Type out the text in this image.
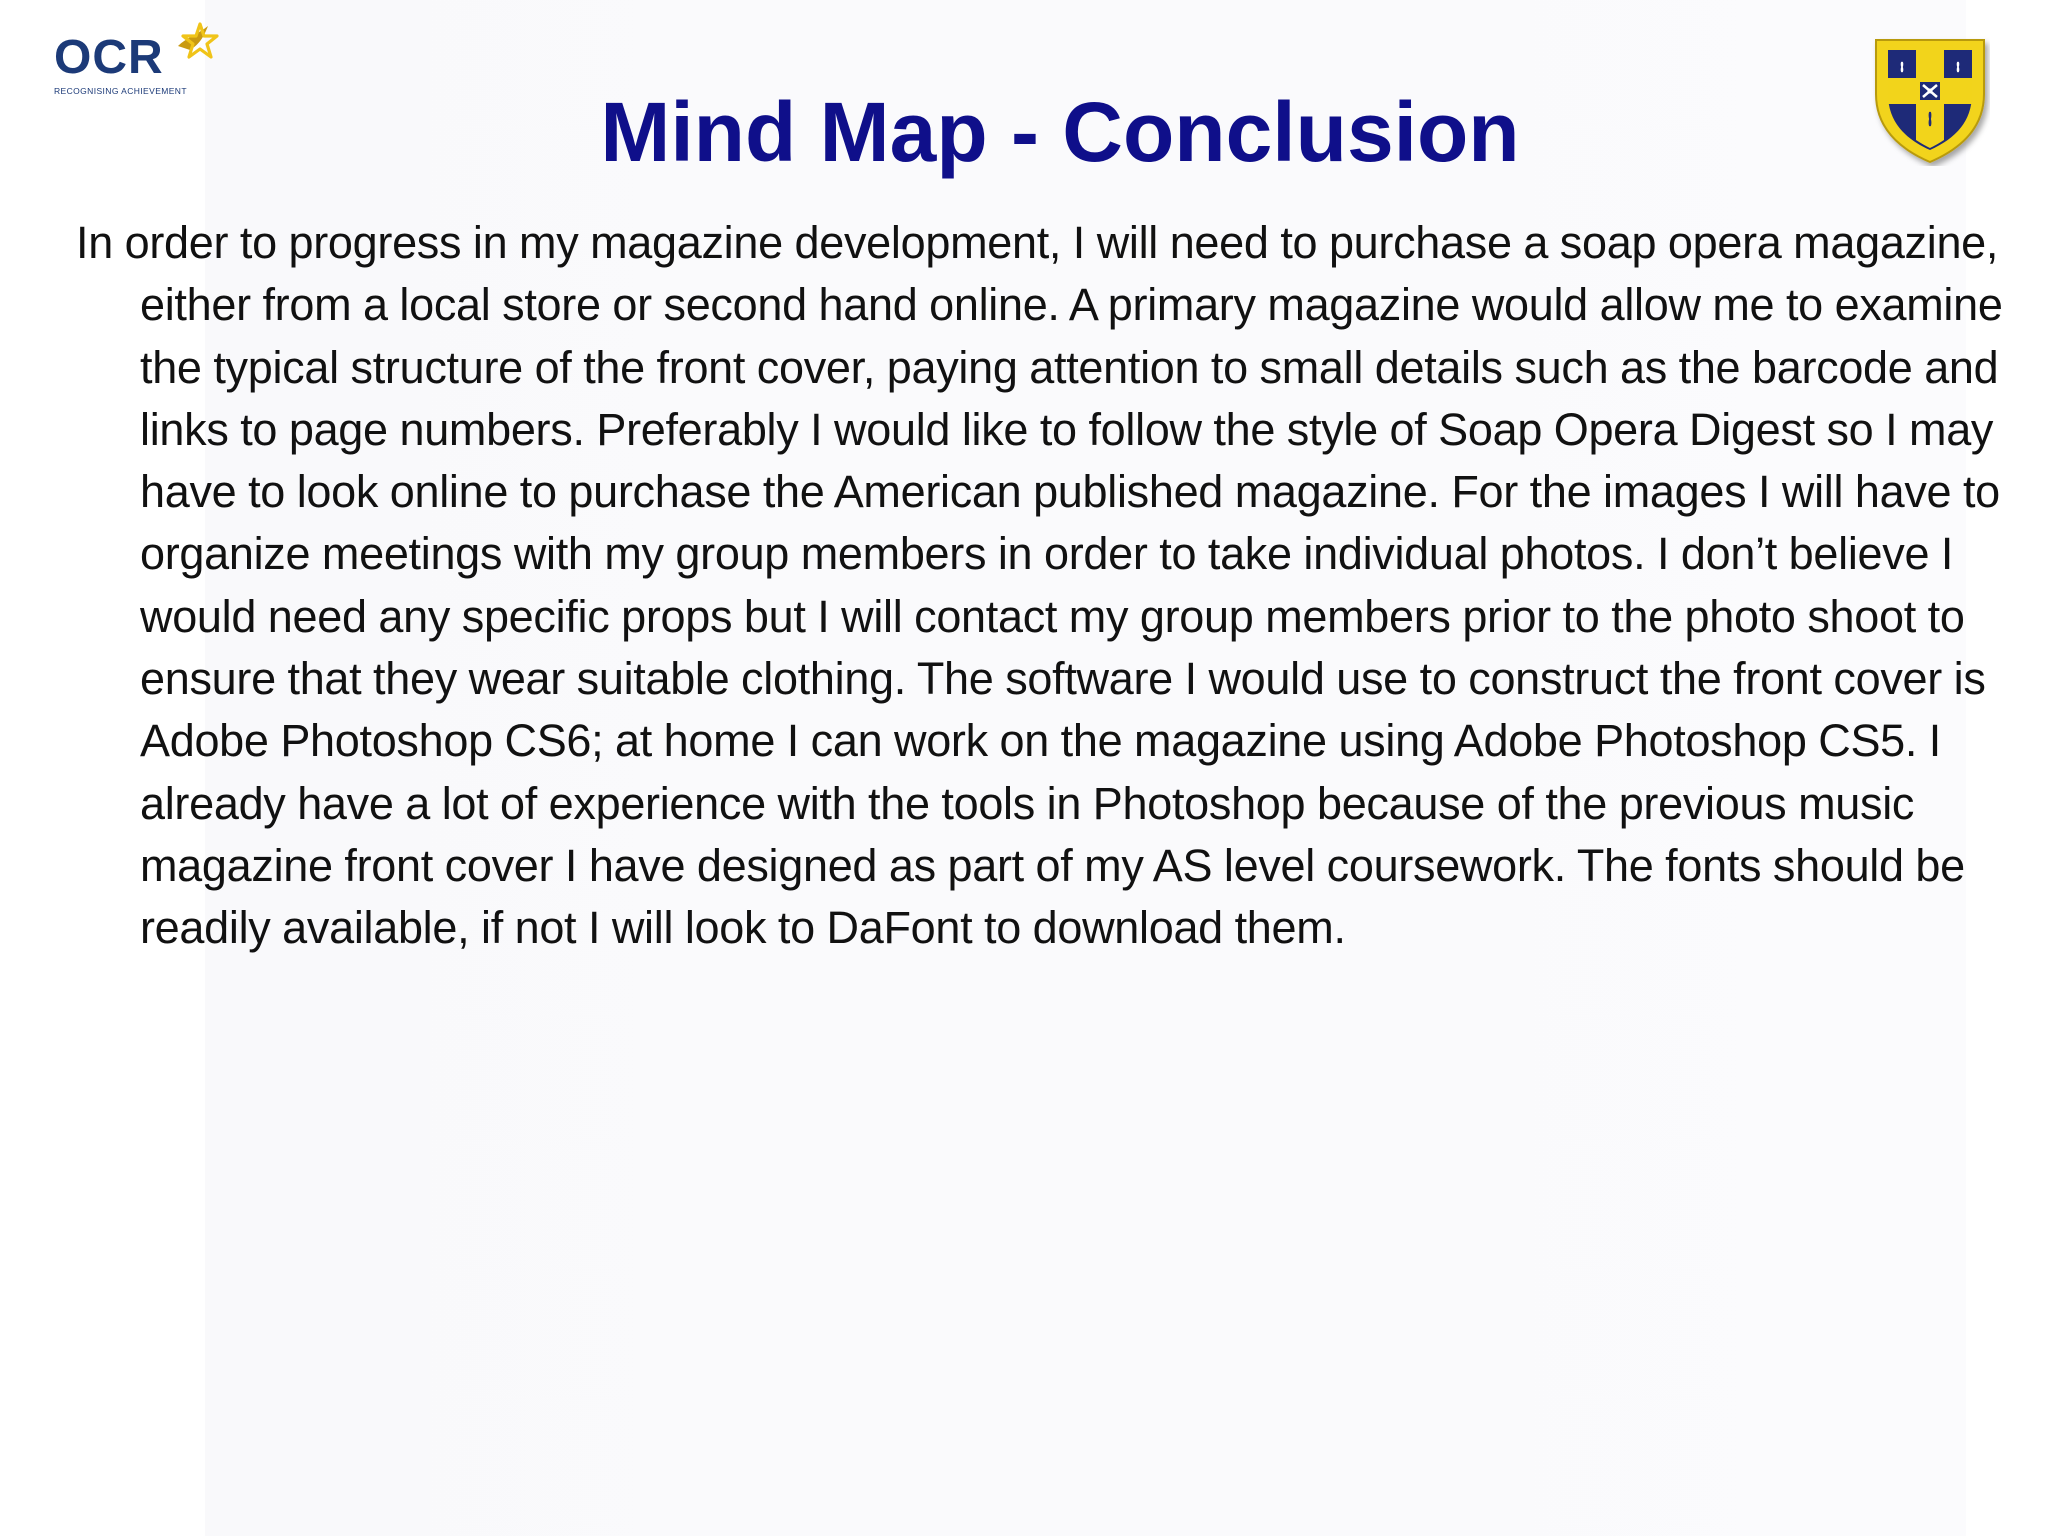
OCR
RECOGNISING ACHIEVEMENT	Mind Map - Conclusion

In order to progress in my magazine development, I will need to purchase a soap opera magazine, either from a local store or second hand online. A primary magazine would allow me to examine the typical structure of the front cover, paying attention to small details such as the barcode and links to page numbers. Preferably I would like to follow the style of Soap Opera Digest so I may have to look online to purchase the American published magazine. For the images I will have to organize meetings with my group members in order to take individual photos. I don’t believe I would need any specific props but I will contact my group members prior to the photo shoot to ensure that they wear suitable clothing. The software I would use to construct the front cover is Adobe Photoshop CS6; at home I can work on the magazine using Adobe Photoshop CS5. I already have a lot of experience with the tools in Photoshop because of the previous music magazine front cover I have designed as part of my AS level coursework. The fonts should be readily available, if not I will look to DaFont to download them.
